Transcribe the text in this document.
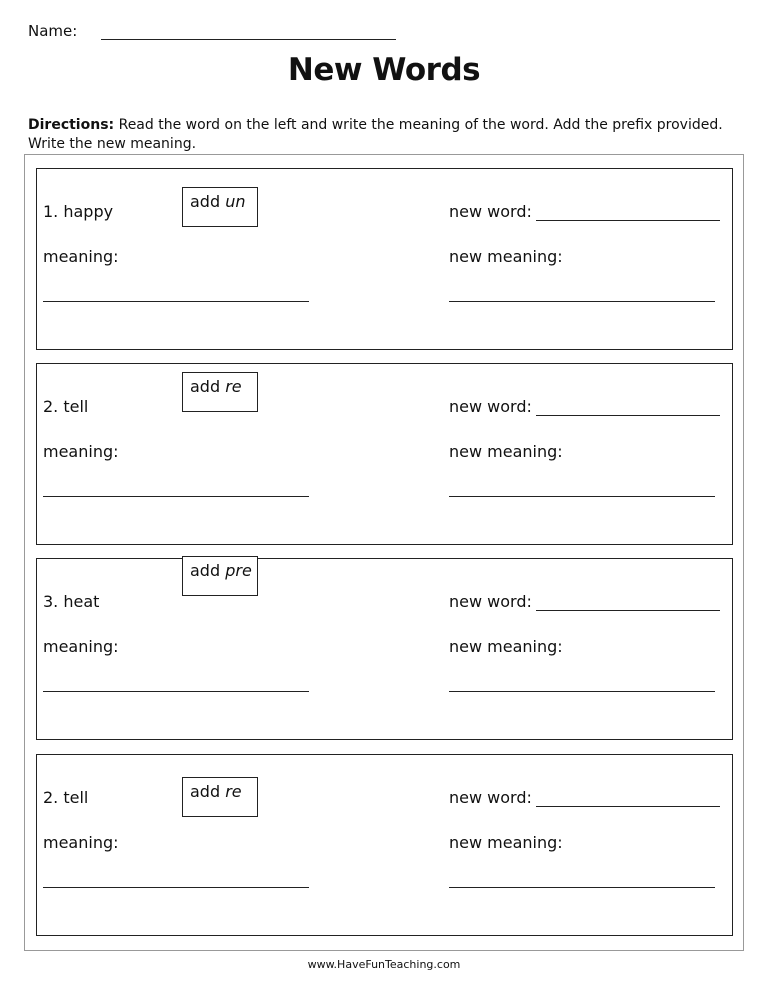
Name:
New Words
Directions: Read the word on the left and write the meaning of the word. Add the prefix provided. Write the new meaning.
1. happy
add un
meaning:
new word:
new meaning:
2. tell
add re
meaning:
new word:
new meaning:
3. heat
add pre
meaning:
new word:
new meaning:
2. tell	add re
meaning:
new word:
new meaning:
www.HaveFunTeaching.com
